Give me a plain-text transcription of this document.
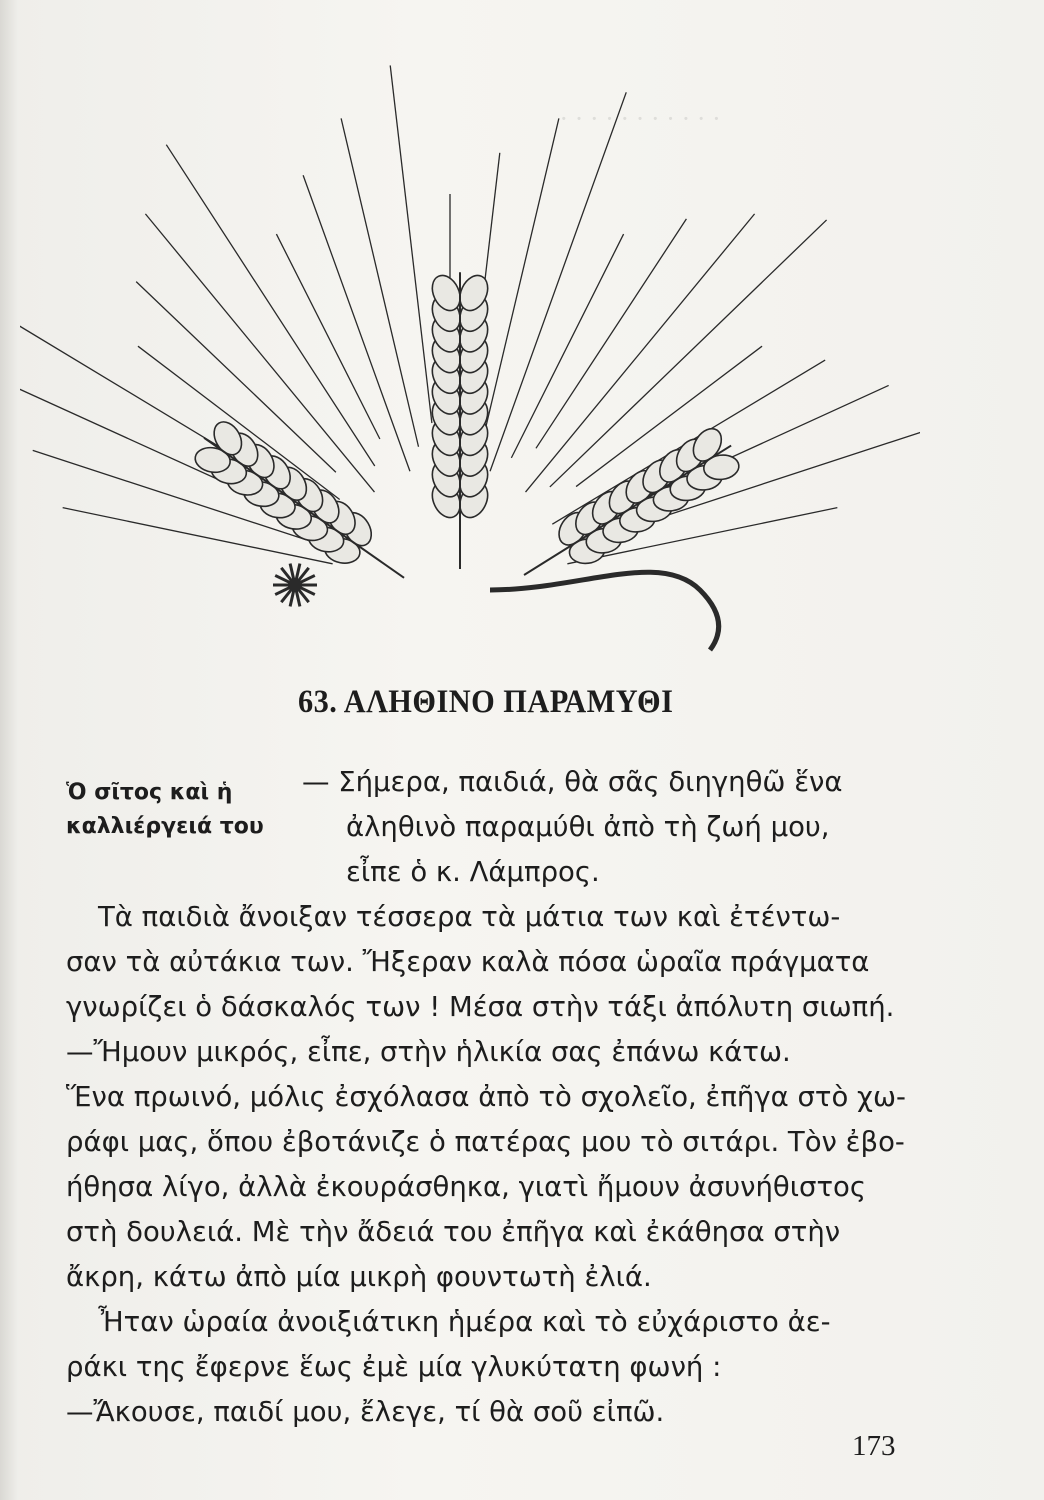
· · · · · · · · · · ·
63. ΑΛΗΘΙΝΟ ΠΑΡΑΜΥΘΙ
Ὁ σῖτος καὶ ἡ
καλλιέργειά του
— Σήμερα, παιδιά, θὰ σᾶς διηγηθῶ ἕνα
ἀληθινὸ παραμύθι ἀπὸ τὴ ζωή μου,
εἶπε ὁ κ. Λάμπρος.
Τὰ παιδιὰ ἄνοιξαν τέσσερα τὰ μάτια των καὶ ἐτέντω-
σαν τὰ αὐτάκια των. Ἤξεραν καλὰ πόσα ὡραῖα πράγματα
γνωρίζει ὁ δάσκαλός των ! Μέσα στὴν τάξι ἀπόλυτη σιωπή.
—Ἤμουν μικρός, εἶπε, στὴν ἡλικία σας ἐπάνω κάτω.
Ἕνα πρωινό, μόλις ἐσχόλασα ἀπὸ τὸ σχολεῖο, ἐπῆγα στὸ χω-
ράφι μας, ὅπου ἐβοτάνιζε ὁ πατέρας μου τὸ σιτάρι. Τὸν ἐβο-
ήθησα λίγο, ἀλλὰ ἐκουράσθηκα, γιατὶ ἤμουν ἀσυνήθιστος
στὴ δουλειά. Μὲ τὴν ἄδειά του ἐπῆγα καὶ ἐκάθησα στὴν
ἄκρη, κάτω ἀπὸ μία μικρὴ φουντωτὴ ἐλιά.
Ἦταν ὡραία ἀνοιξιάτικη ἡμέρα καὶ τὸ εὐχάριστο ἀε-
ράκι της ἔφερνε ἕως ἐμὲ μία γλυκύτατη φωνή :
—Ἄκουσε, παιδί μου, ἔλεγε, τί θὰ σοῦ εἰπῶ.
173
